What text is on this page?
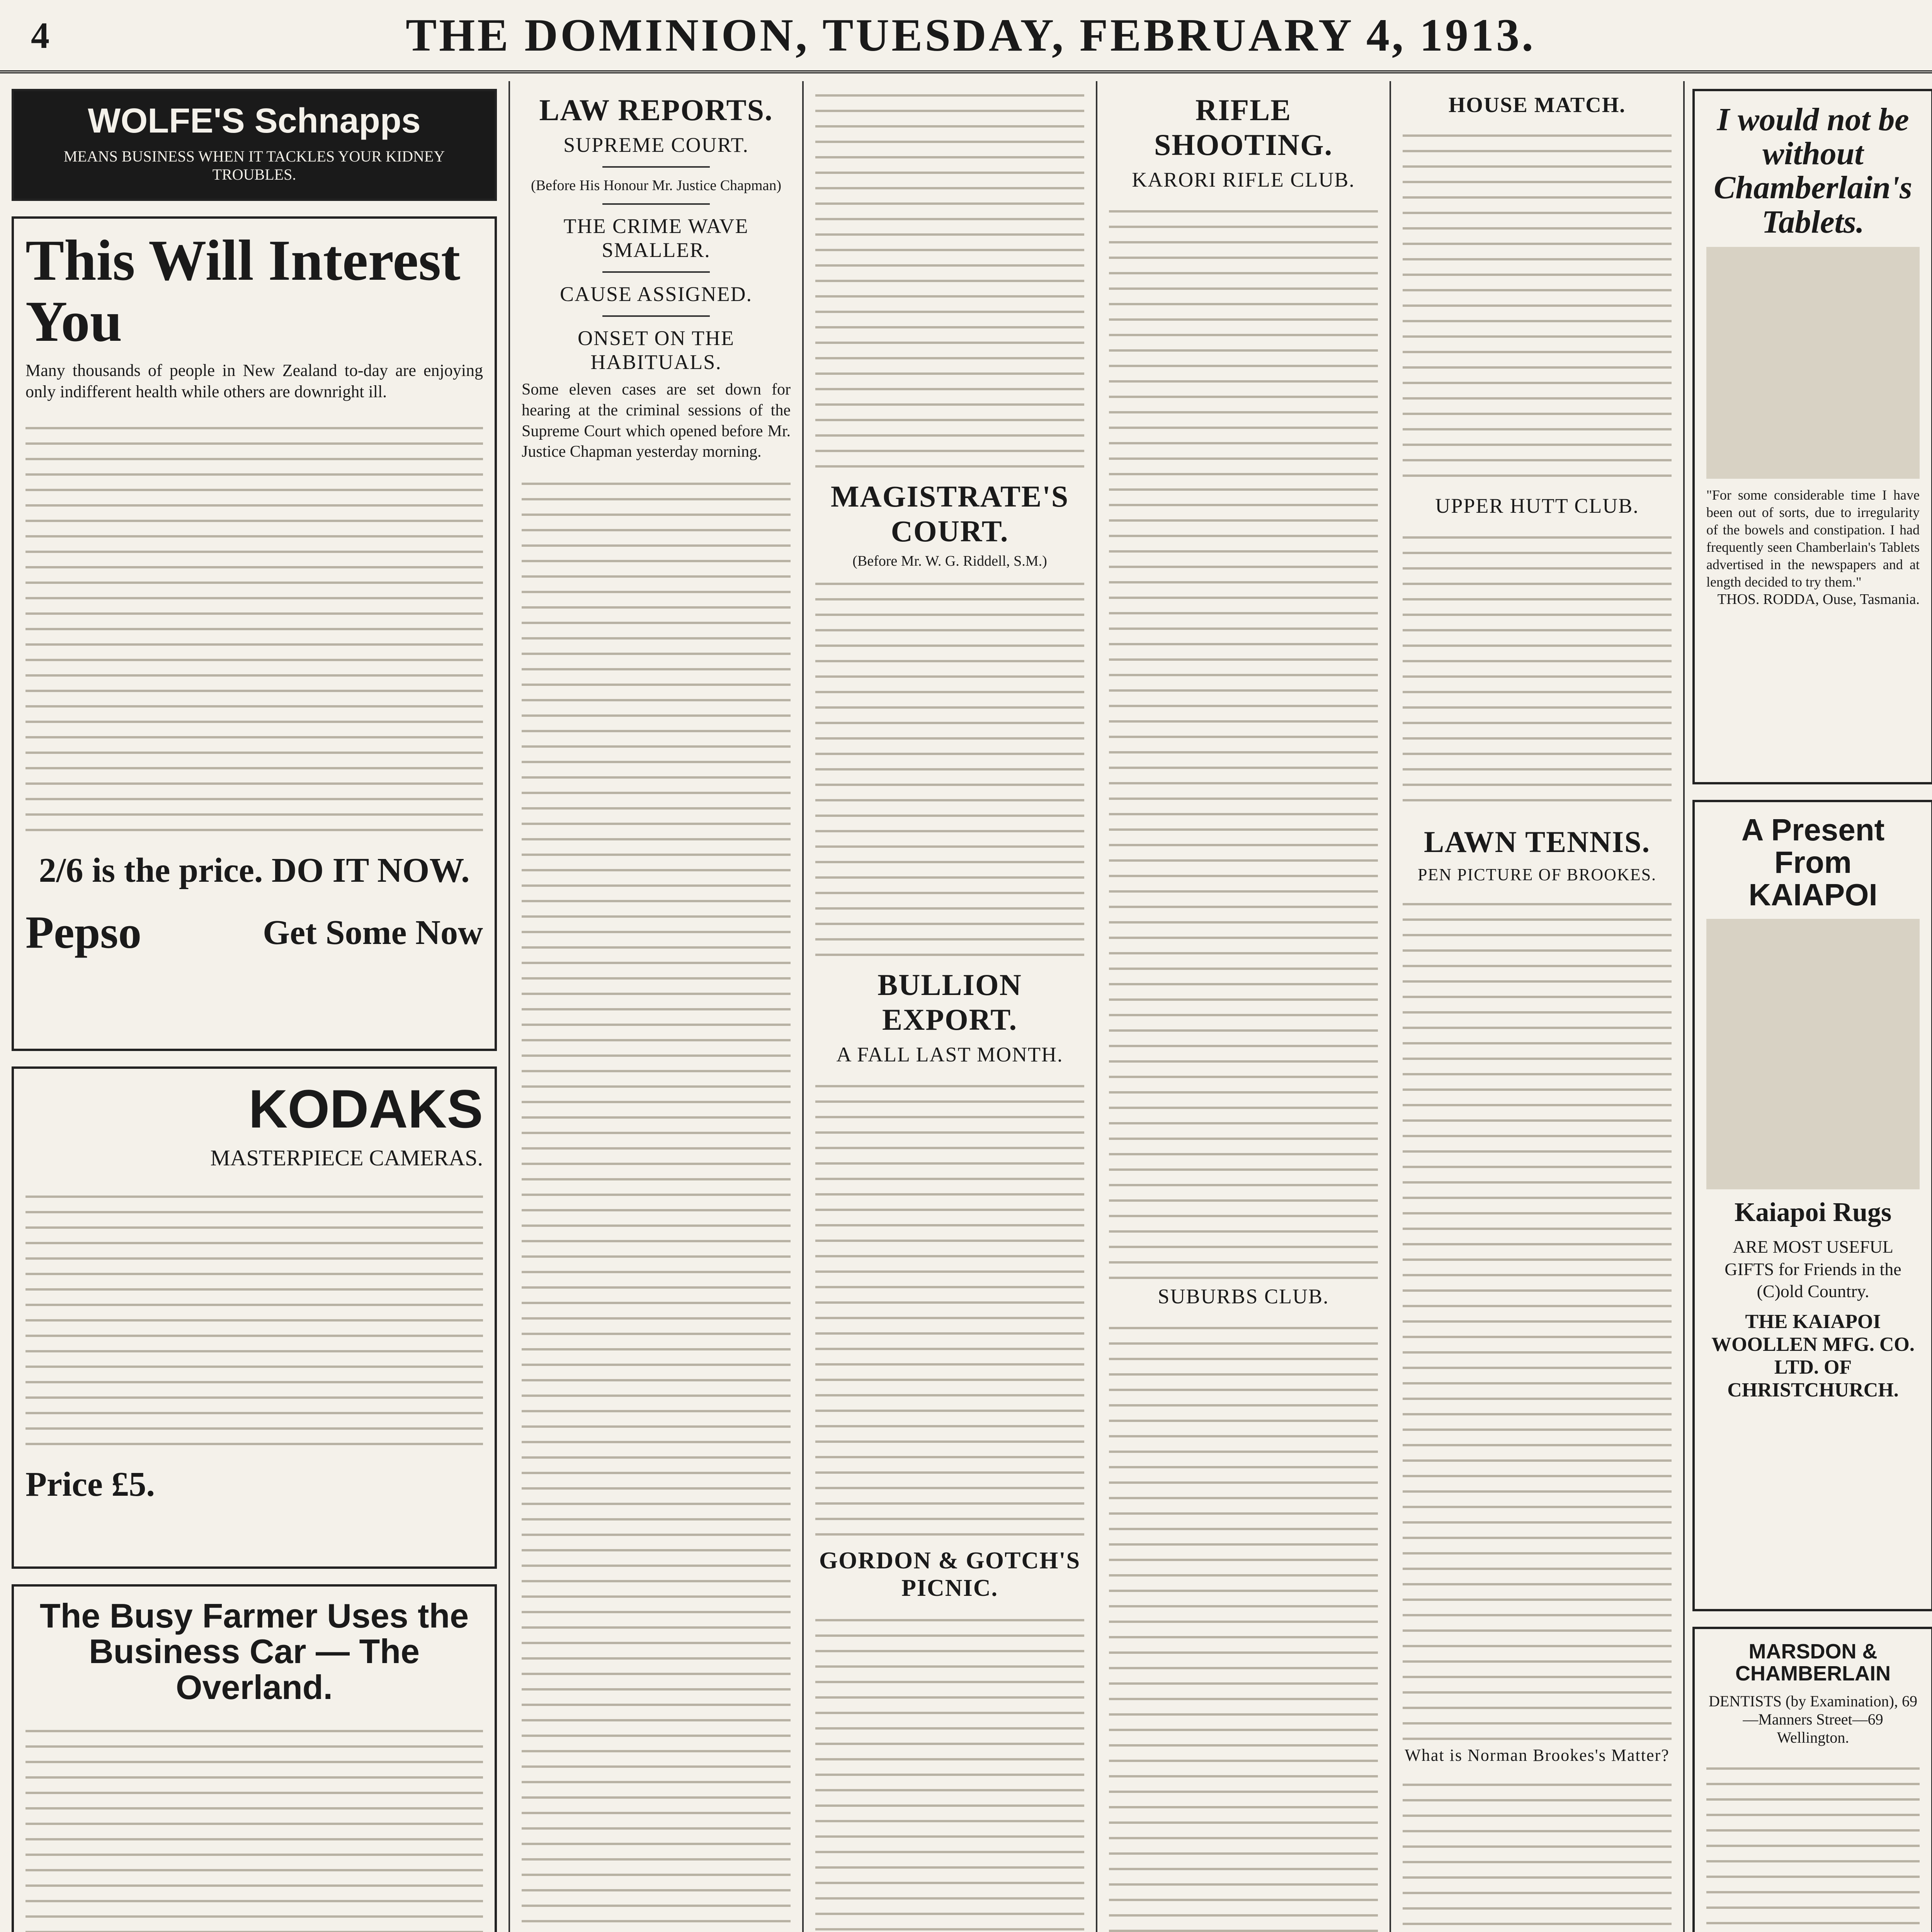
4	THE DOMINION, TUESDAY, FEBRUARY 4, 1913.
WOLFE'S Schnapps
MEANS BUSINESS WHEN IT TACKLES YOUR KIDNEY TROUBLES.
This Will Interest You
Many thousands of people in New Zealand to-day are enjoying only indifferent health while others are downright ill.
2/6 is the price. DO IT NOW.
Pepso	Get Some Now
KODAKS
MASTERPIECE CAMERAS.
Price £5.
The Busy Farmer Uses the Business Car — The Overland.
LAW REPORTS.
SUPREME COURT.
(Before His Honour Mr. Justice Chapman)
THE CRIME WAVE SMALLER.
CAUSE ASSIGNED.
ONSET ON THE HABITUALS.

Some eleven cases are set down for hearing at the criminal sessions of the Supreme Court which opened before Mr. Justice Chapman yesterday morning.

MAGISTRATE'S COURT.
(Before Mr. W. G. Riddell, S.M.)
BULLION EXPORT.
A FALL LAST MONTH.
GORDON & GOTCH'S PICNIC.
RIFLE SHOOTING.
KARORI RIFLE CLUB.
SUBURBS CLUB.
HOUSE MATCH.
UPPER HUTT CLUB.
LAWN TENNIS.
PEN PICTURE OF BROOKES.
What is Norman Brookes's Matter?
I would not be without Chamberlain's Tablets.
"For some considerable time I have been out of sorts, due to irregularity of the bowels and constipation. I had frequently seen Chamberlain's Tablets advertised in the newspapers and at length decided to try them."
THOS. RODDA, Ouse, Tasmania.
A Present From KAIAPOI
Kaiapoi Rugs
ARE MOST USEFUL GIFTS for Friends in the (C)old Country.
THE KAIAPOI WOOLLEN MFG. CO. LTD. OF CHRISTCHURCH.
MARSDON & CHAMBERLAIN
DENTISTS (by Examination), 69—Manners Street—69 Wellington.
